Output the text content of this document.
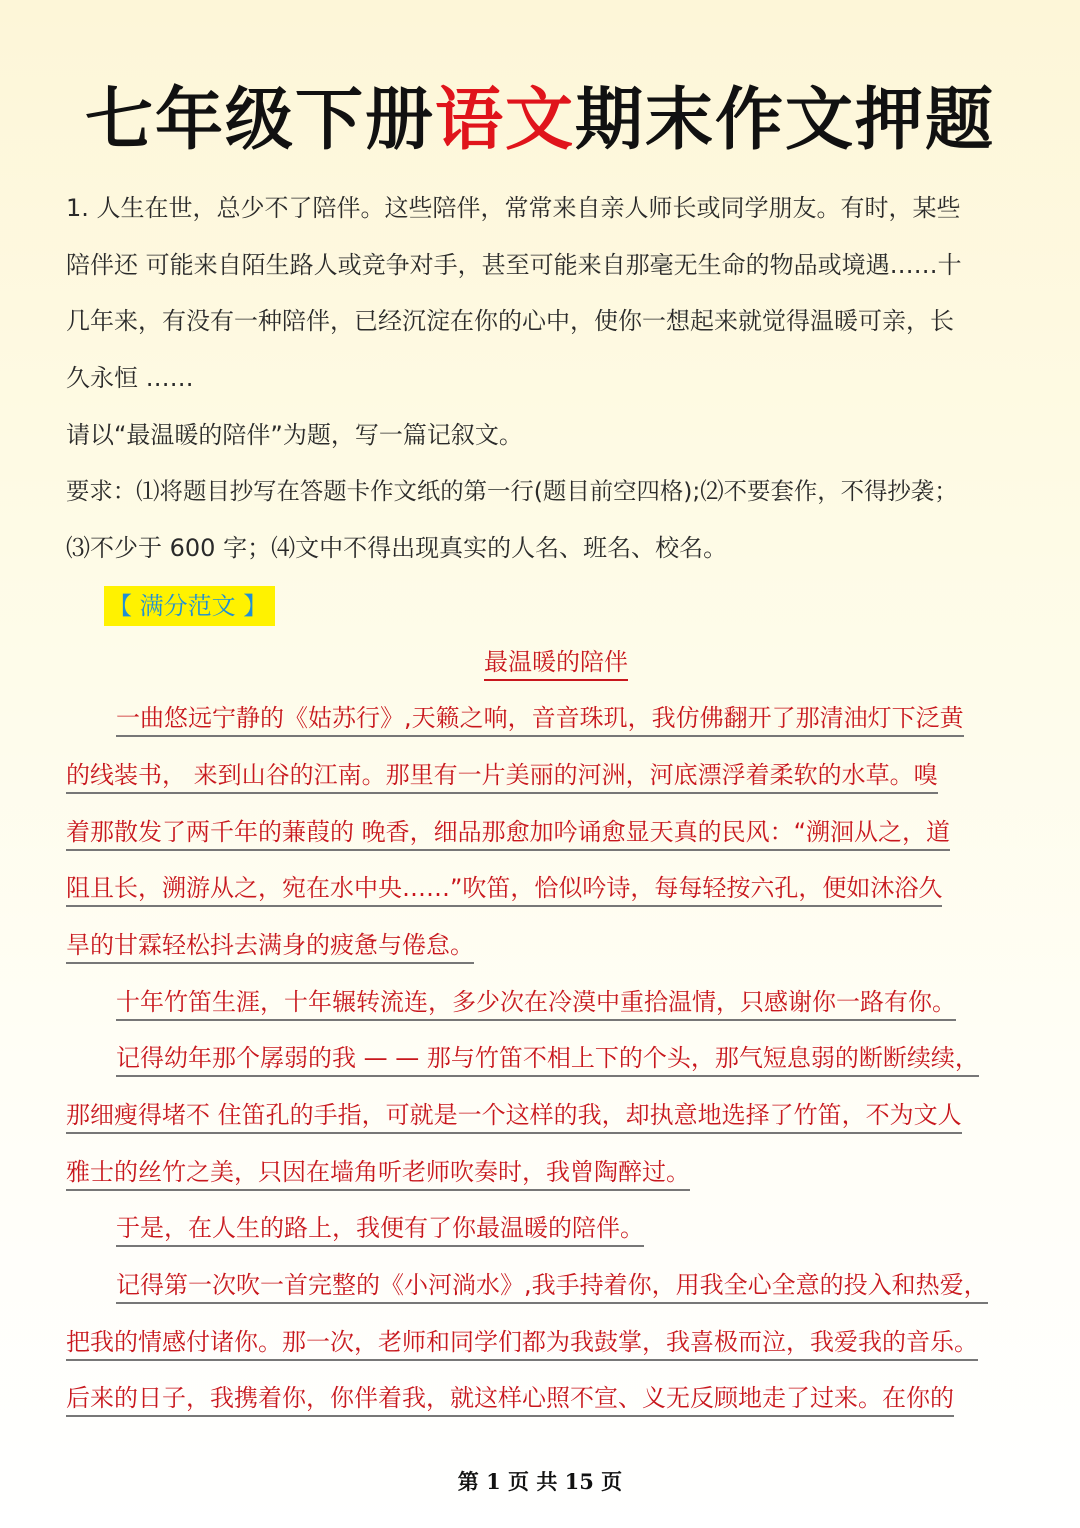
七年级下册语文期末作文押题
1. 人生在世，总少不了陪伴。这些陪伴，常常来自亲人师长或同学朋友。有时，某些
陪伴还 可能来自陌生路人或竞争对手，甚至可能来自那毫无生命的物品或境遇……十
几年来，有没有一种陪伴，已经沉淀在你的心中，使你一想起来就觉得温暖可亲，长
久永恒 ……
请以“最温暖的陪伴”为题，写一篇记叙文。
要求：⑴将题目抄写在答题卡作文纸的第一行(题目前空四格);⑵不要套作，不得抄袭；
⑶不少于 600 字；⑷文中不得出现真实的人名、班名、校名。
【 满分范文 】
最温暖的陪伴
一曲悠远宁静的《姑苏行》,天籁之响，音音珠玑，我仿佛翻开了那清油灯下泛黄
的线装书， 来到山谷的江南。那里有一片美丽的河洲，河底漂浮着柔软的水草。嗅
着那散发了两千年的蒹葭的 晚香，细品那愈加吟诵愈显天真的民风：“溯洄从之，道
阻且长，溯游从之，宛在水中央……”吹笛，恰似吟诗，每每轻按六孔，便如沐浴久
旱的甘霖轻松抖去满身的疲惫与倦怠。
十年竹笛生涯，十年辗转流连，多少次在冷漠中重拾温情，只感谢你一路有你。
记得幼年那个孱弱的我 — — 那与竹笛不相上下的个头，那气短息弱的断断续续，
那细瘦得堵不 住笛孔的手指，可就是一个这样的我，却执意地选择了竹笛，不为文人
雅士的丝竹之美，只因在墙角听老师吹奏时，我曾陶醉过。
于是，在人生的路上，我便有了你最温暖的陪伴。
记得第一次吹一首完整的《小河淌水》,我手持着你，用我全心全意的投入和热爱，
把我的情感付诸你。那一次，老师和同学们都为我鼓掌，我喜极而泣，我爱我的音乐。
后来的日子，我携着你，你伴着我，就这样心照不宣、义无反顾地走了过来。在你的
第 1 页 共 15 页
